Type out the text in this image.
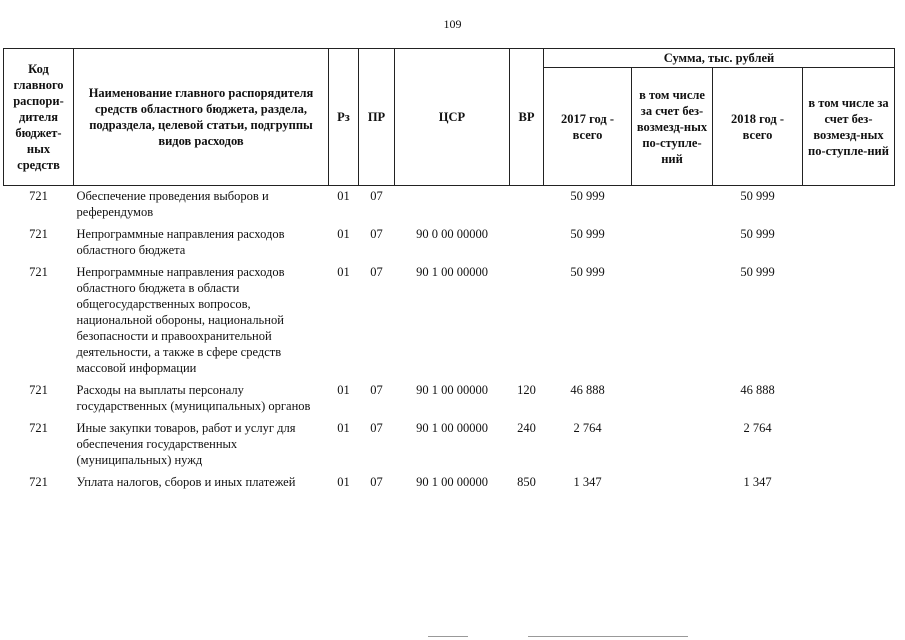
109
Код главного распори-дителя бюджет-ных средств	Наименование главного распорядителя средств областного бюджета, раздела, подраздела, целевой статьи, подгруппы видов расходов	Рз	ПР	ЦСР	ВР	Сумма, тыс. рублей			
						2017 год - всего	в том числе за счет без-возмезд-ных по-ступле-ний	2018 год - всего	в том числе за счет без-возмезд-ных по-ступле-ний
721	Обеспечение проведения выборов и референдумов	01	07			50 999		50 999	
721	Непрограммные направления расходов областного бюджета	01	07	90 0 00 00000		50 999		50 999	
721	Непрограммные направления расходов областного бюджета в области общегосударственных вопросов, национальной обороны, национальной безопасности и правоохранительной деятельности, а также в сфере средств массовой информации	01	07	90 1 00 00000		50 999		50 999	
721	Расходы на выплаты персоналу государственных (муниципальных) органов	01	07	90 1 00 00000	120	46 888		46 888	
721	Иные закупки товаров, работ и услуг для обеспечения государственных (муниципальных) нужд	01	07	90 1 00 00000	240	2 764		2 764	
721	Уплата налогов, сборов и иных платежей	01	07	90 1 00 00000	850	1 347		1 347	
